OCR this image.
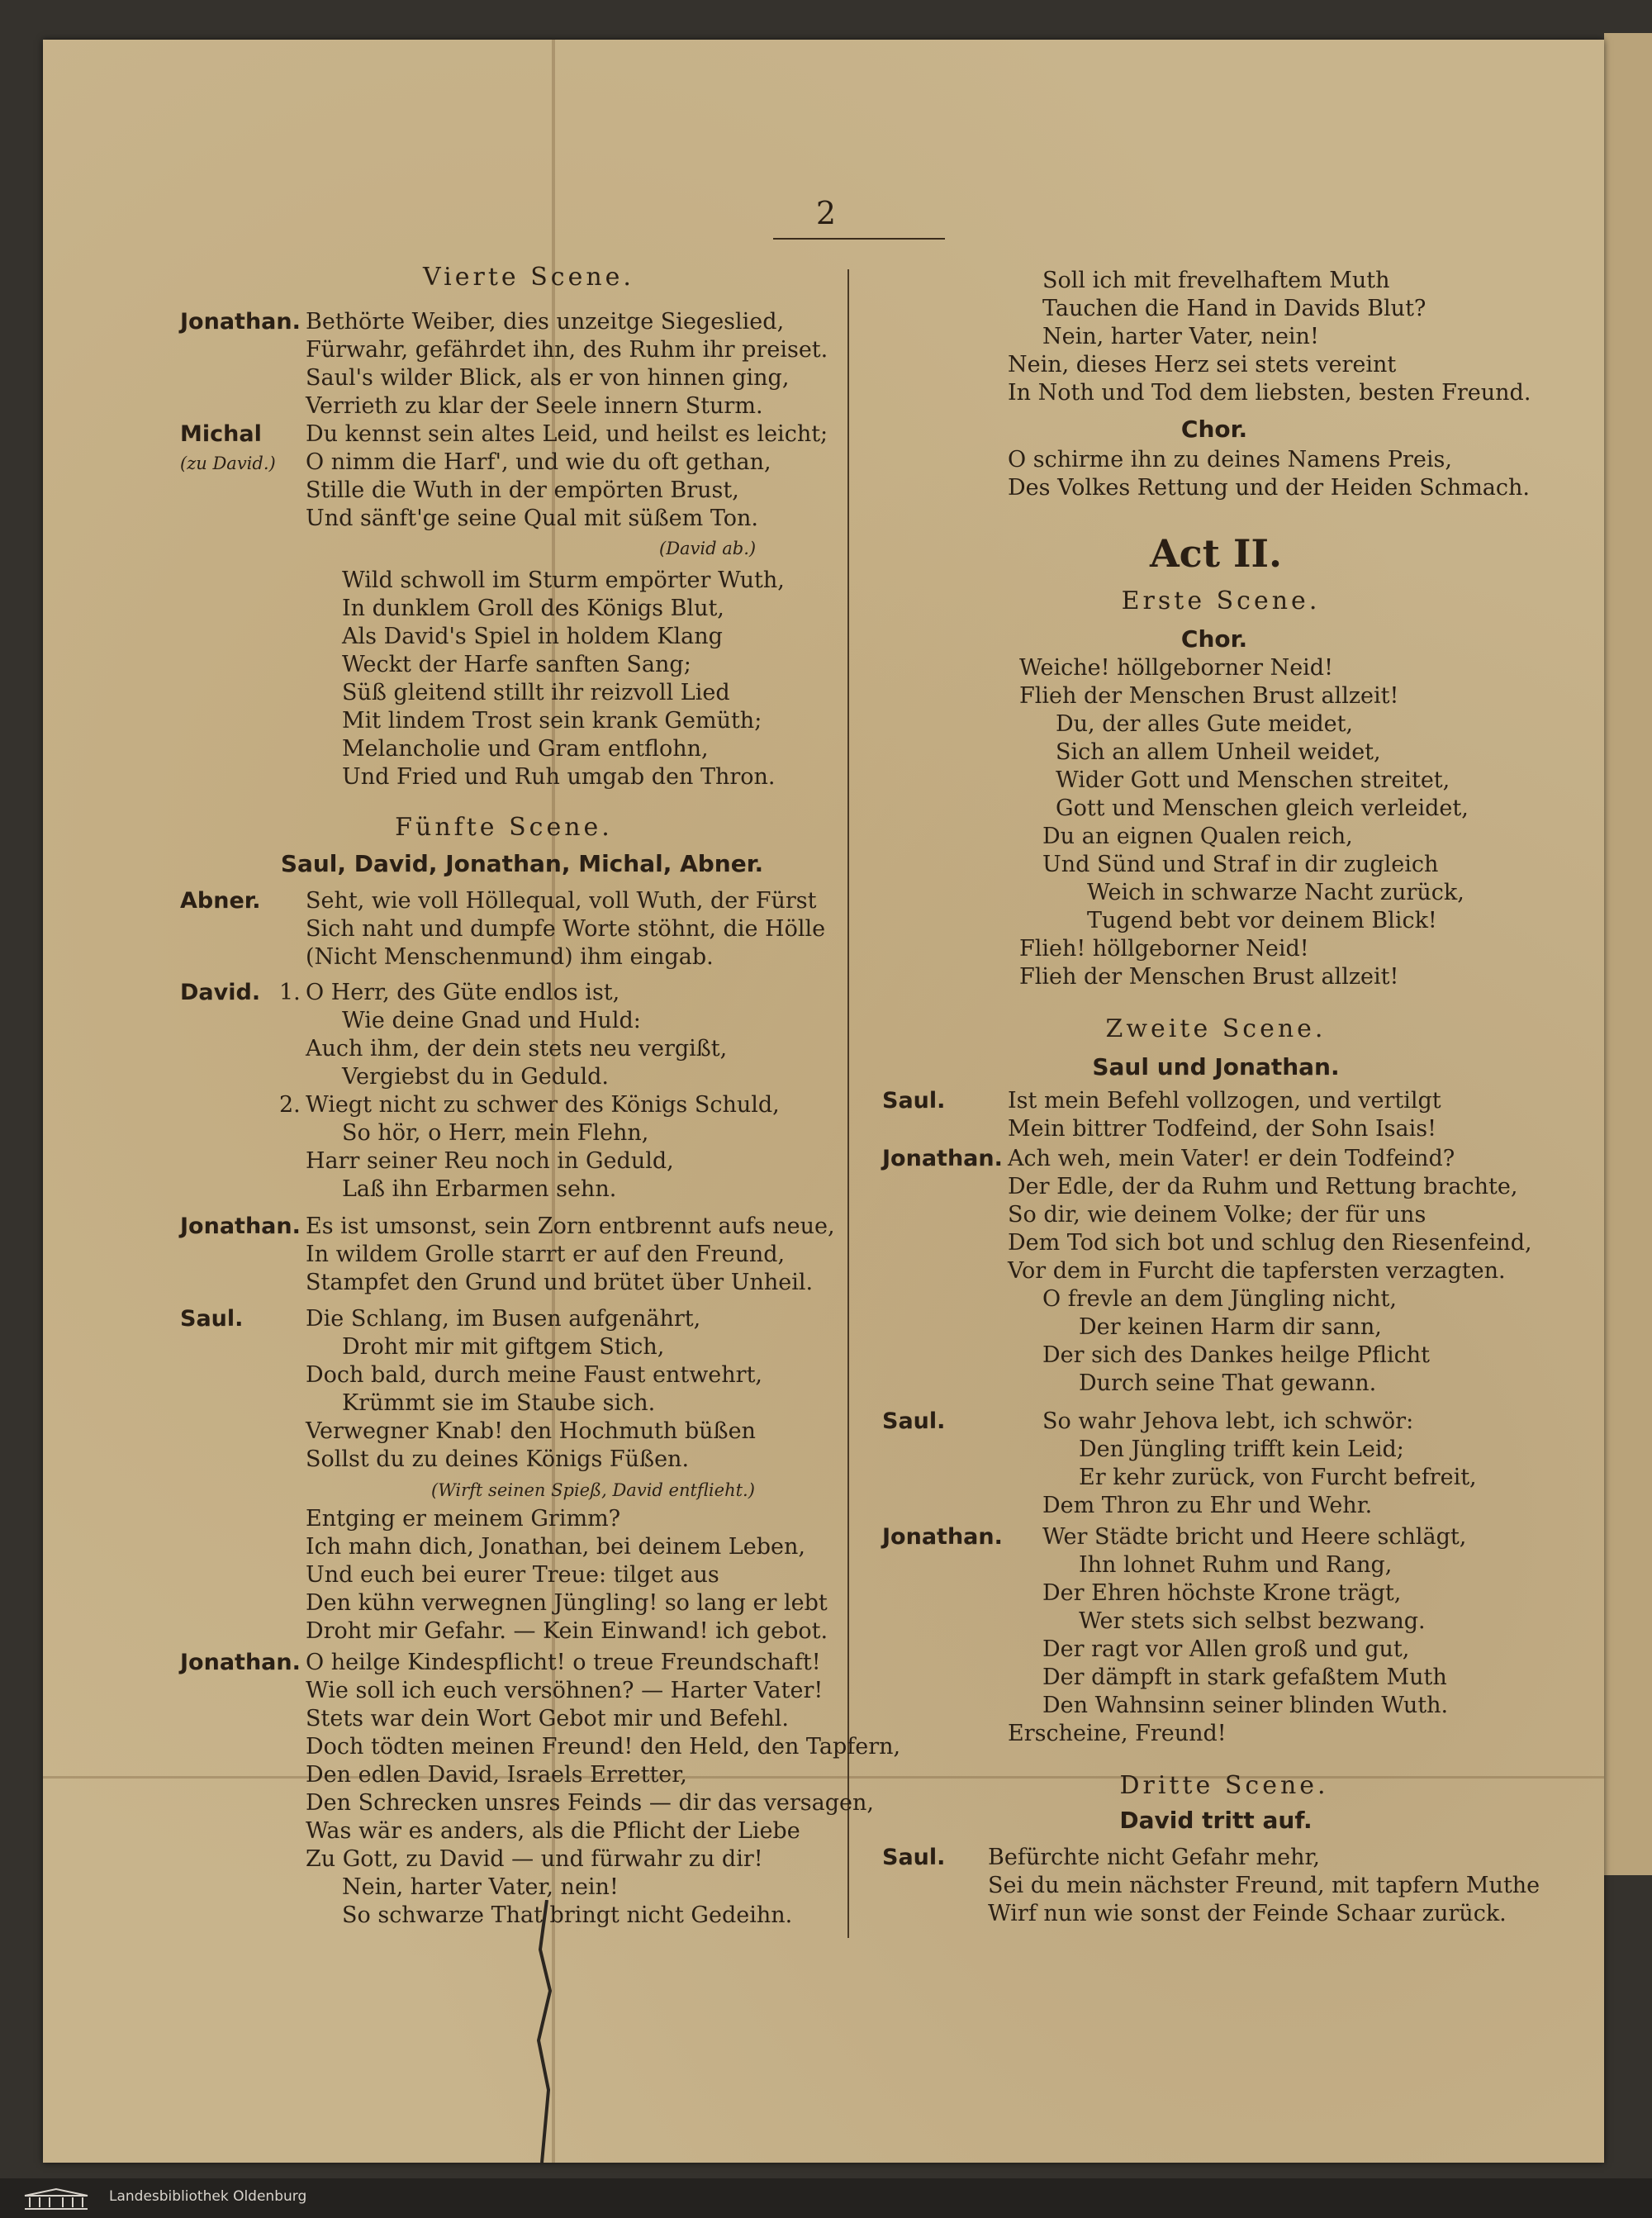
2
Vierte Scene.
Jonathan. Bethörte Weiber, dies unzeitge Siegeslied,
Fürwahr, gefährdet ihn, des Ruhm ihr preiset.
Saul's wilder Blick, als er von hinnen ging,
Verrieth zu klar der Seele innern Sturm.
Michal
(zu David.)
Du kennst sein altes Leid, und heilst es leicht;
O nimm die Harf', und wie du oft gethan,
Stille die Wuth in der empörten Brust,
Und sänft'ge seine Qual mit süßem Ton.
(David ab.)
Wild schwoll im Sturm empörter Wuth,
In dunklem Groll des Königs Blut,
Als David's Spiel in holdem Klang
Weckt der Harfe sanften Sang;
Süß gleitend stillt ihr reizvoll Lied
Mit lindem Trost sein krank Gemüth;
Melancholie und Gram entflohn,
Und Fried und Ruh umgab den Thron.
Fünfte Scene.
Saul, David, Jonathan, Michal, Abner.
Abner. Seht, wie voll Höllequal, voll Wuth, der Fürst
Sich naht und dumpfe Worte stöhnt, die Hölle
(Nicht Menschenmund) ihm eingab.
David. 1. O Herr, des Güte endlos ist,
Wie deine Gnad und Huld:
Auch ihm, der dein stets neu vergißt,
Vergiebst du in Geduld.
2. Wiegt nicht zu schwer des Königs Schuld,
So hör, o Herr, mein Flehn,
Harr seiner Reu noch in Geduld,
Laß ihn Erbarmen sehn.
Jonathan. Es ist umsonst, sein Zorn entbrennt aufs neue,
In wildem Grolle starrt er auf den Freund,
Stampfet den Grund und brütet über Unheil.
Saul.	Die Schlang, im Busen aufgenährt,
Droht mir mit giftgem Stich,
Doch bald, durch meine Faust entwehrt,
Krümmt sie im Staube sich.
Verwegner Knab! den Hochmuth büßen
Sollst du zu deines Königs Füßen.
(Wirft seinen Spieß, David entflieht.)
Entging er meinem Grimm?
Ich mahn dich, Jonathan, bei deinem Leben,
Und euch bei eurer Treue: tilget aus
Den kühn verwegnen Jüngling! so lang er lebt
Droht mir Gefahr. — Kein Einwand! ich gebot.
Jonathan. O heilge Kindespflicht! o treue Freundschaft!
Wie soll ich euch versöhnen? — Harter Vater!
Stets war dein Wort Gebot mir und Befehl.
Doch tödten meinen Freund! den Held, den Tapfern,
Den edlen David, Israels Erretter,
Den Schrecken unsres Feinds — dir das versagen,
Was wär es anders, als die Pflicht der Liebe
Zu Gott, zu David — und fürwahr zu dir!
Nein, harter Vater, nein!
So schwarze That bringt nicht Gedeihn.
Soll ich mit frevelhaftem Muth
Tauchen die Hand in Davids Blut?
Nein, harter Vater, nein!
Nein, dieses Herz sei stets vereint
In Noth und Tod dem liebsten, besten Freund.
Chor.
O schirme ihn zu deines Namens Preis,
Des Volkes Rettung und der Heiden Schmach.
Act II.
Erste Scene.
Chor.
Weiche! höllgeborner Neid!
Flieh der Menschen Brust allzeit!
Du, der alles Gute meidet,
Sich an allem Unheil weidet,
Wider Gott und Menschen streitet,
Gott und Menschen gleich verleidet,
Du an eignen Qualen reich,
Und Sünd und Straf in dir zugleich
Weich in schwarze Nacht zurück,
Tugend bebt vor deinem Blick!
Flieh! höllgeborner Neid!
Flieh der Menschen Brust allzeit!
Zweite Scene.
Saul und Jonathan.
Saul.	Ist mein Befehl vollzogen, und vertilgt
Mein bittrer Todfeind, der Sohn Isais!
Jonathan. Ach weh, mein Vater! er dein Todfeind?
Der Edle, der da Ruhm und Rettung brachte,
So dir, wie deinem Volke; der für uns
Dem Tod sich bot und schlug den Riesenfeind,
Vor dem in Furcht die tapfersten verzagten.
O frevle an dem Jüngling nicht,
Der keinen Harm dir sann,
Der sich des Dankes heilge Pflicht
Durch seine That gewann.
Saul.	So wahr Jehova lebt, ich schwör:
Den Jüngling trifft kein Leid;
Er kehr zurück, von Furcht befreit,
Dem Thron zu Ehr und Wehr.
Jonathan. Wer Städte bricht und Heere schlägt,
Ihn lohnet Ruhm und Rang,
Der Ehren höchste Krone trägt,
Wer stets sich selbst bezwang.
Der ragt vor Allen groß und gut,
Der dämpft in stark gefaßtem Muth
Den Wahnsinn seiner blinden Wuth.
Erscheine, Freund!
Dritte Scene.
David tritt auf.
Saul. Befürchte nicht Gefahr mehr,
Sei du mein nächster Freund, mit tapfern Muthe
Wirf nun wie sonst der Feinde Schaar zurück.
Landesbibliothek Oldenburg
